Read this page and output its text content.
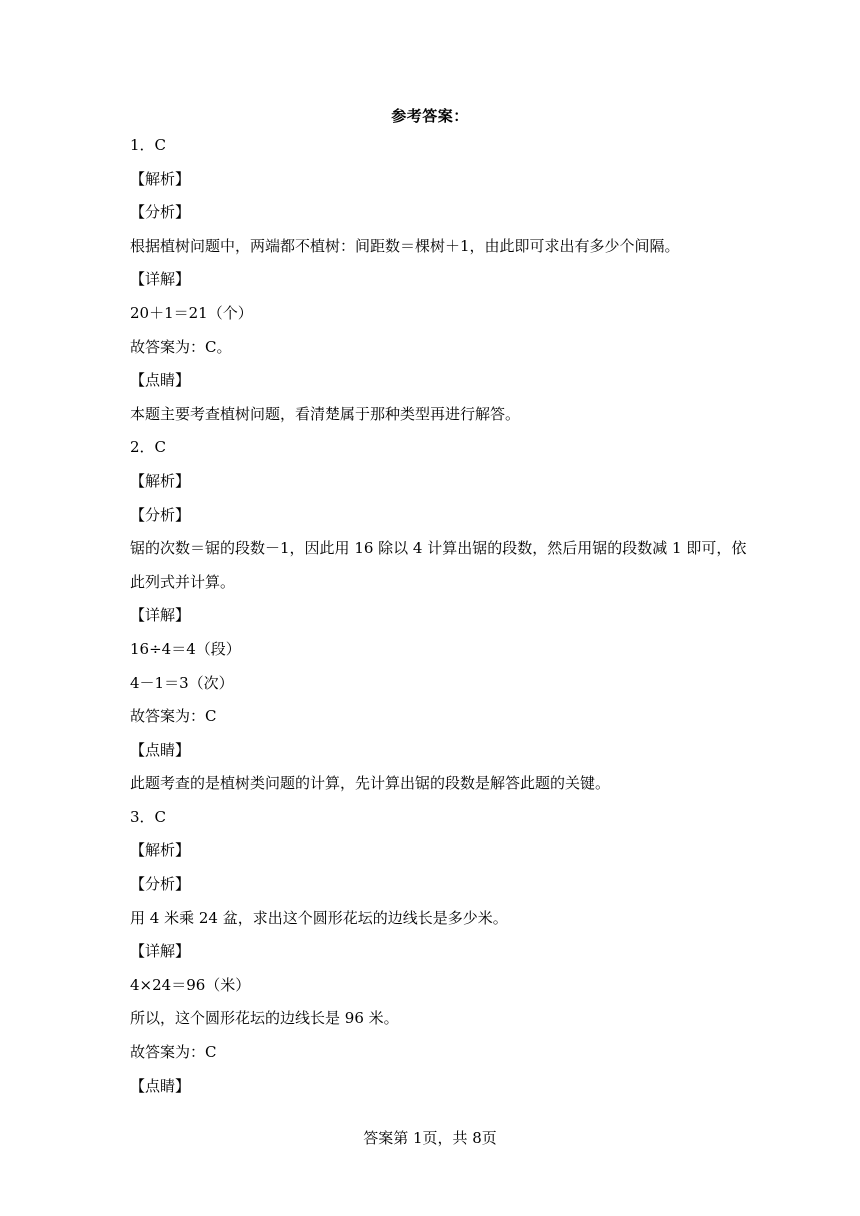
参考答案：
1．C
【解析】
【分析】
根据植树问题中，两端都不植树：间距数＝棵树＋1，由此即可求出有多少个间隔。
【详解】
20＋1＝21（个）
故答案为：C。
【点睛】
本题主要考查植树问题，看清楚属于那种类型再进行解答。
2．C
【解析】
【分析】
锯的次数＝锯的段数－1，因此用 16 除以 4 计算出锯的段数，然后用锯的段数减 1 即可，依
此列式并计算。
【详解】
16÷4＝4（段）
4－1＝3（次）
故答案为：C
【点睛】
此题考查的是植树类问题的计算，先计算出锯的段数是解答此题的关键。
3．C
【解析】
【分析】
用 4 米乘 24 盆，求出这个圆形花坛的边线长是多少米。
【详解】
4×24＝96（米）
所以，这个圆形花坛的边线长是 96 米。
故答案为：C
【点睛】
答案第 1页，共 8页
